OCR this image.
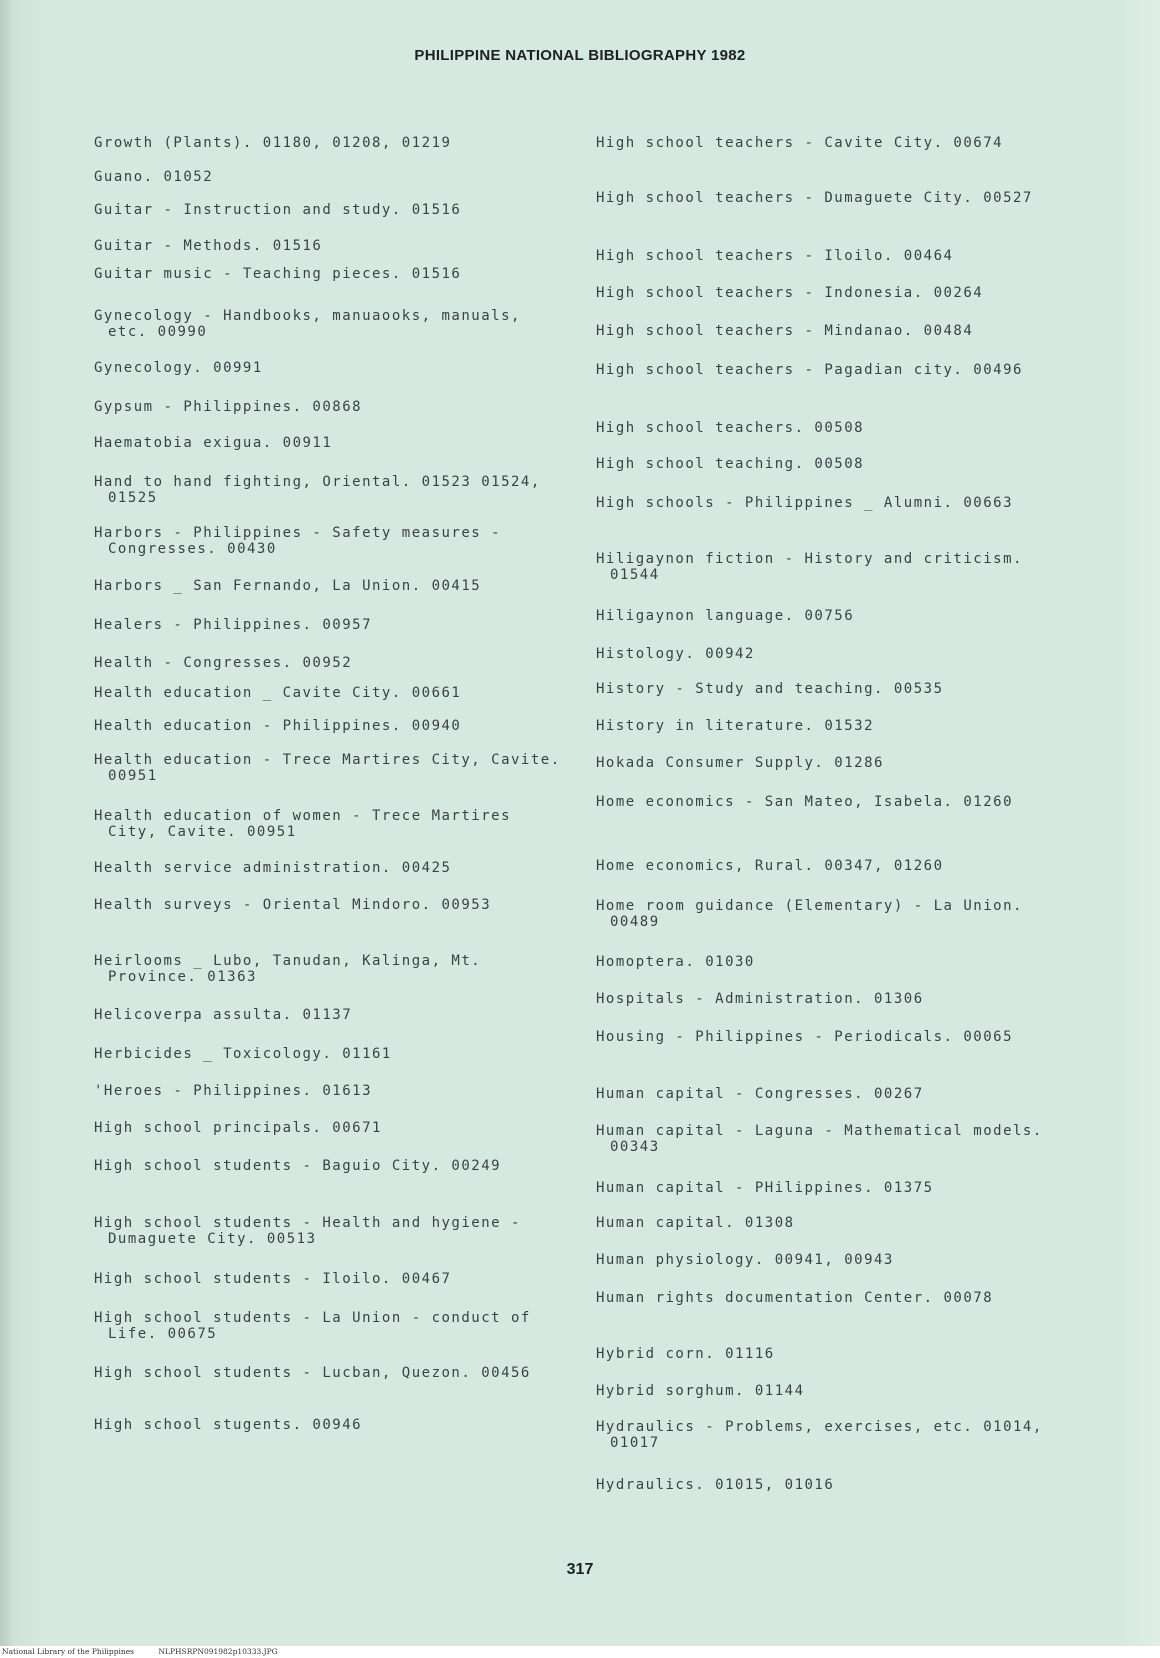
PHILIPPINE NATIONAL BIBLIOGRAPHY 1982
Growth (Plants). 01180, 01208, 01219
Guano. 01052
Guitar - Instruction and study. 01516
Guitar - Methods. 01516
Guitar music - Teaching pieces. 01516
Gynecology - Handbooks, manuaooks, manuals, etc. 00990
Gynecology. 00991
Gypsum - Philippines. 00868
Haematobia exigua. 00911
Hand to hand fighting, Oriental. 01523 01524, 01525
Harbors - Philippines - Safety measures - Congresses. 00430
Harbors _ San Fernando, La Union. 00415
Healers - Philippines. 00957
Health - Congresses. 00952
Health education _ Cavite City. 00661
Health education - Philippines. 00940
Health education - Trece Martires City, Cavite. 00951
Health education of women - Trece Martires City, Cavite. 00951
Health service administration. 00425
Health surveys - Oriental Mindoro. 00953
Heirlooms _ Lubo, Tanudan, Kalinga, Mt. Province. 01363
Helicoverpa assulta. 01137
Herbicides _ Toxicology. 01161
'Heroes - Philippines. 01613
High school principals. 00671
High school students - Baguio City. 00249
High school students - Health and hygiene - Dumaguete City. 00513
High school students - Iloilo. 00467
High school students - La Union - conduct of Life. 00675
High school students - Lucban, Quezon. 00456
High school stugents. 00946
High school teachers - Cavite City. 00674
High school teachers - Dumaguete City. 00527
High school teachers - Iloilo. 00464
High school teachers - Indonesia. 00264
High school teachers - Mindanao. 00484
High school teachers - Pagadian city. 00496
High school teachers. 00508
High school teaching. 00508
High schools - Philippines _ Alumni. 00663
Hiligaynon fiction - History and criticism. 01544
Hiligaynon language. 00756
Histology. 00942
History - Study and teaching. 00535
History in literature. 01532
Hokada Consumer Supply. 01286
Home economics - San Mateo, Isabela. 01260
Home economics, Rural. 00347, 01260
Home room guidance (Elementary) - La Union. 00489
Homoptera. 01030
Hospitals - Administration. 01306
Housing - Philippines - Periodicals. 00065
Human capital - Congresses. 00267
Human capital - Laguna - Mathematical models. 00343
Human capital - PHilippines. 01375
Human capital. 01308
Human physiology. 00941, 00943
Human rights documentation Center. 00078
Hybrid corn. 01116
Hybrid sorghum. 01144
Hydraulics - Problems, exercises, etc. 01014, 01017
Hydraulics. 01015, 01016
317
National Library of the Philippines	NLPHSRPN091982p10333.JPG
